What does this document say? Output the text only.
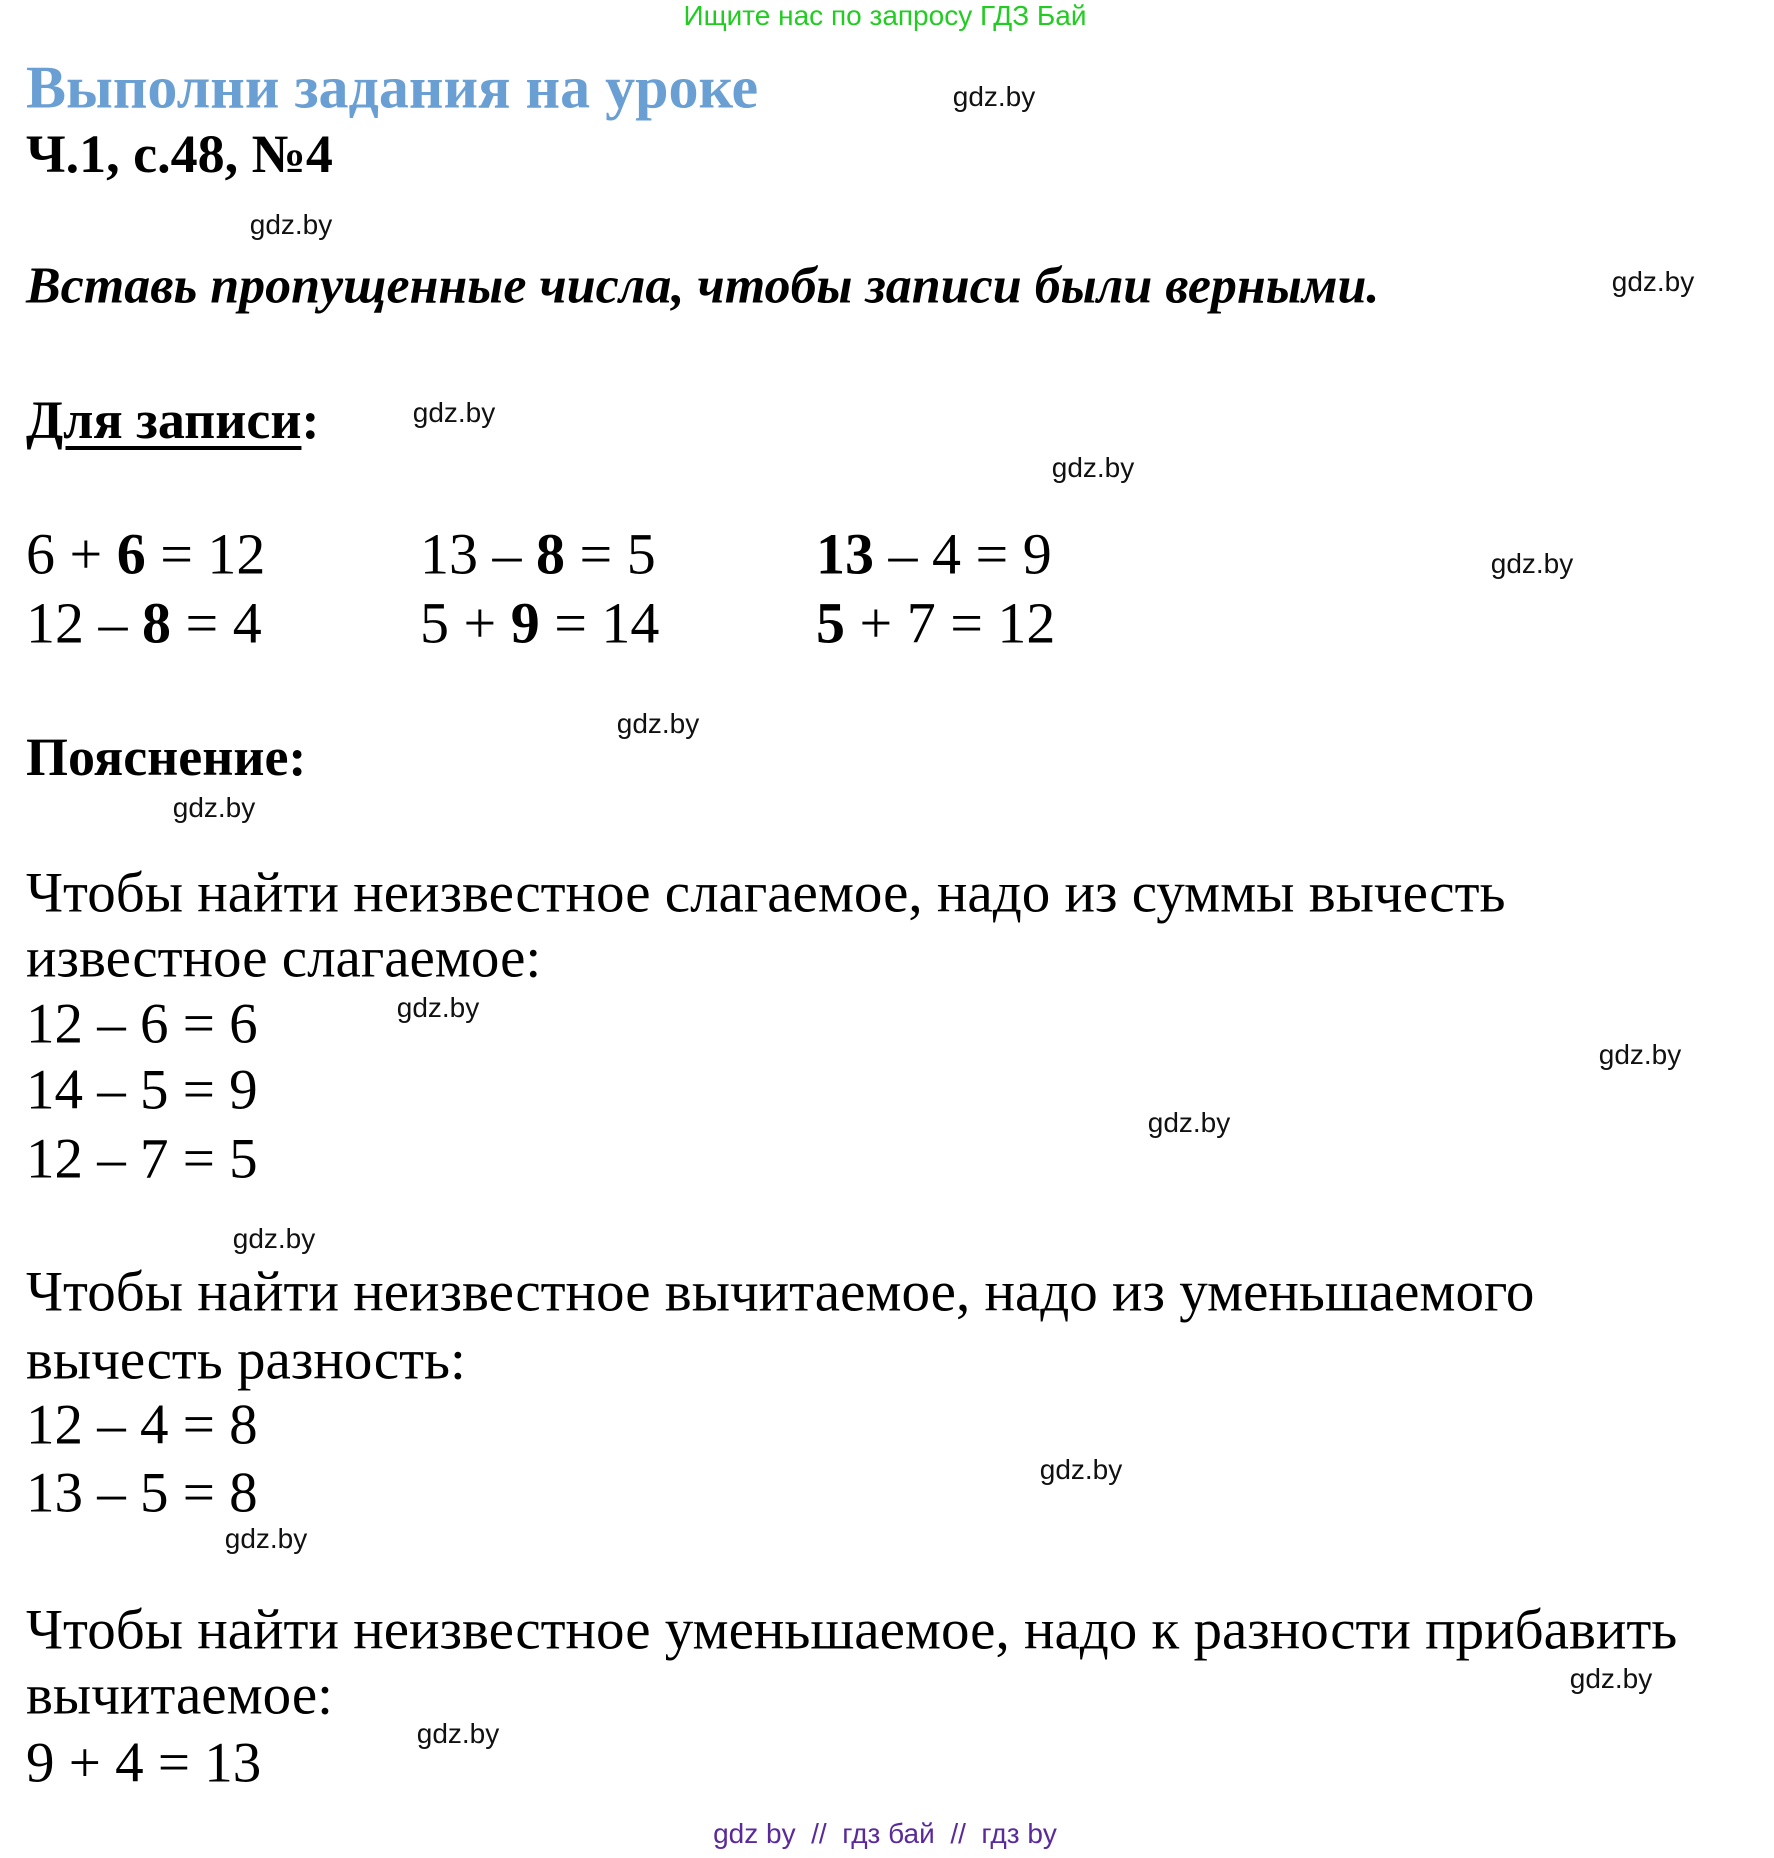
Ищите нас по запросу ГДЗ Бай
Выполни задания на уроке
Ч.1, с.48, №4
Вставь пропущенные числа, чтобы записи были верными.
Для записи:
6 + 6 = 12	13 – 8 = 5	13 – 4 = 9
12 – 8 = 4	5 + 9 = 14	5 + 7 = 12
Пояснение:
Чтобы найти неизвестное слагаемое, надо из суммы вычесть
известное слагаемое:
12 – 6 = 6
14 – 5 = 9
12 – 7 = 5
Чтобы найти неизвестное вычитаемое, надо из уменьшаемого
вычесть разность:
12 – 4 = 8
13 – 5 = 8
Чтобы найти неизвестное уменьшаемое, надо к разности прибавить
вычитаемое:
9 + 4 = 13
gdz.by
gdz.by
gdz.by
gdz.by
gdz.by
gdz.by
gdz.by
gdz.by
gdz.by
gdz.by
gdz.by
gdz.by
gdz.by
gdz.by
gdz.by
gdz.by
gdz by  //  гдз бай  //  гдз by
